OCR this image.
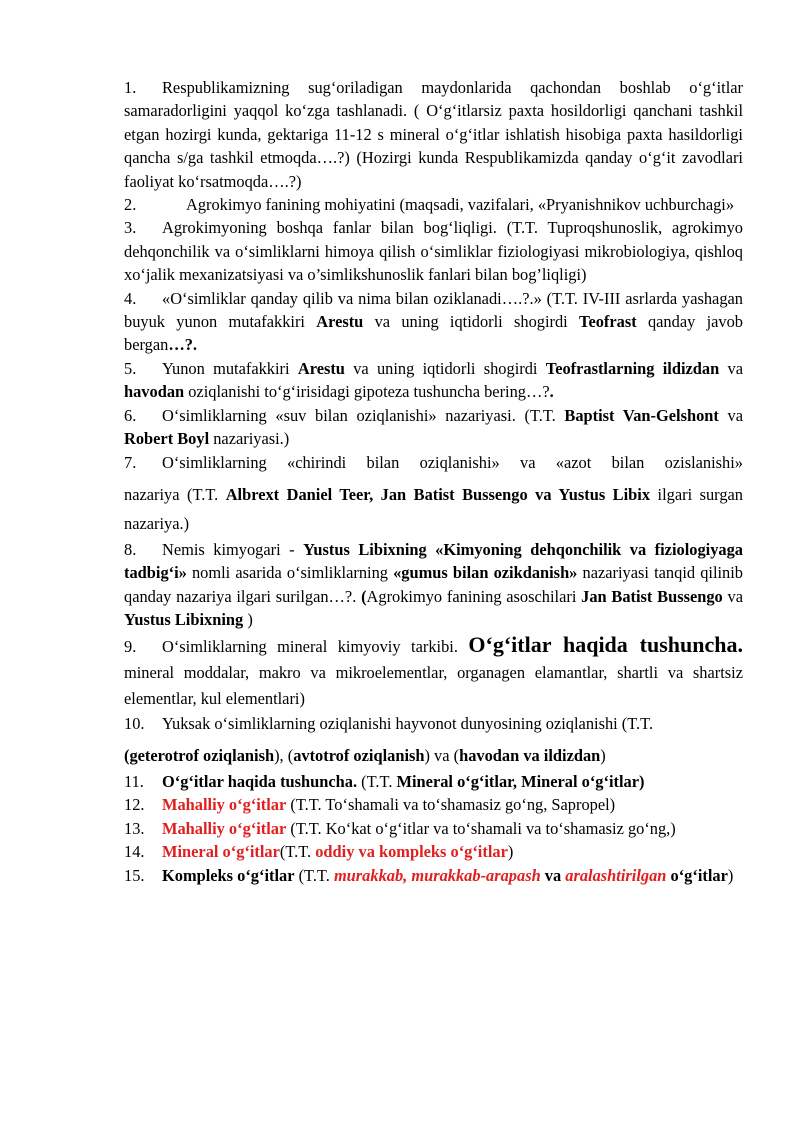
1. Respublikamizning sug‘oriladigan maydonlarida qachondan boshlab o‘g‘itlar samaradorligini yaqqol ko‘zga tashlanadi. ( O‘g‘itlarsiz paxta hosildorligi qanchani tashkil etgan hozirgi kunda, gektariga 11-12 s mineral o‘g‘itlar ishlatish hisobiga paxta hasildorligi qancha s/ga tashkil etmoqda….?) (Hozirgi kunda Respublikamizda qanday o‘g‘it zavodlari faoliyat ko‘rsatmoqda….?)

2.	Agrokimyo fanining mohiyatini (maqsadi, vazifalari, «Pryanishnikov uchburchagi»

3. Agrokimyoning boshqa fanlar bilan bog‘liqligi. (T.T. Tuproqshunoslik, agrokimyo dehqonchilik va o‘simliklarni himoya qilish o‘simliklar fiziologiyasi mikrobiologiya, qishloq xo‘jalik mexanizatsiyasi va o’simlikshunoslik fanlari bilan bog’liqligi)

4. «O‘simliklar qanday qilib va nima bilan oziklanadi….?.» (T.T. IV-III asrlarda yashagan buyuk yunon mutafakkiri Arestu va uning iqtidorli shogirdi Teofrast qanday javob bergan…?.

5. Yunon mutafakkiri Arestu va uning iqtidorli shogirdi Teofrastlarning ildizdan va havodan oziqlanishi to‘g‘irisidagi gipoteza tushuncha bering…?.

6. O‘simliklarning «suv bilan oziqlanishi» nazariyasi. (T.T. Baptist Van-Gelshont va Robert Boyl nazariyasi.)

7. O‘simliklarning «chirindi bilan oziqlanishi» va «azot bilan ozislanishi»

nazariya (T.T. Albrext Daniel Teer, Jan Batist Bussengo va Yustus Libix ilgari surgan nazariya.)

8. Nemis kimyogari - Yustus Libixning «Kimyoning dehqonchilik va fiziologiyaga tadbig‘i» nomli asarida o‘simliklarning «gumus bilan ozikdanish» nazariyasi tanqid qilinib qanday nazariya ilgari surilgan…?. (Agrokimyo fanining asoschilari Jan Batist Bussengo va Yustus Libixning )

9. O‘simliklarning mineral kimyoviy tarkibi. O‘g‘itlar haqida tushuncha. mineral moddalar, makro va mikroelementlar, organagen elamantlar, shartli va shartsiz elementlar, kul elementlari)

10. Yuksak o‘simliklarning oziqlanishi hayvonot dunyosining oziqlanishi (T.T.

(geterotrof oziqlanish), (avtotrof oziqlanish) va (havodan va ildizdan)

11. O‘g‘itlar haqida tushuncha. (T.T. Mineral o‘g‘itlar, Mineral o‘g‘itlar)

12. Mahalliy o‘g‘itlar (T.T. To‘shamali va to‘shamasiz go‘ng, Sapropel)

13. Mahalliy o‘g‘itlar (T.T. Ko‘kat o‘g‘itlar va to‘shamali va to‘shamasiz go‘ng,)

14. Mineral o‘g‘itlar(T.T. oddiy va kompleks o‘g‘itlar)

15. Kompleks o‘g‘itlar (T.T. murakkab, murakkab-arapash va aralashtirilgan o‘g‘itlar)
